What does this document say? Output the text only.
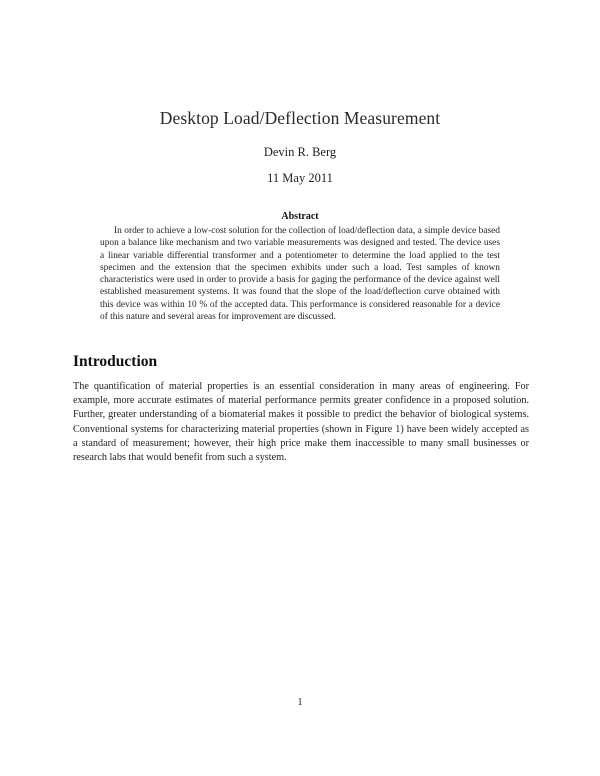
Desktop Load/Deflection Measurement
Devin R. Berg
11 May 2011
Abstract

In order to achieve a low-cost solution for the collection of load/deflection data, a simple device based upon a balance like mechanism and two variable measurements was designed and tested. The device uses a linear variable differential transformer and a potentiometer to determine the load applied to the test specimen and the extension that the specimen exhibits under such a load. Test samples of known characteristics were used in order to provide a basis for gaging the performance of the device against well established measurement systems. It was found that the slope of the load/deflection curve obtained with this device was within 10 % of the accepted data. This performance is considered reasonable for a device of this nature and several areas for improvement are discussed.

Introduction

The quantification of material properties is an essential consideration in many areas of engineering. For example, more accurate estimates of material performance permits greater confidence in a proposed solution. Further, greater understanding of a biomaterial makes it possible to predict the behavior of biological systems. Conventional systems for characterizing material properties (shown in Figure 1) have been widely accepted as a standard of measurement; however, their high price make them inaccessible to many small businesses or research labs that would benefit from such a system.

1
